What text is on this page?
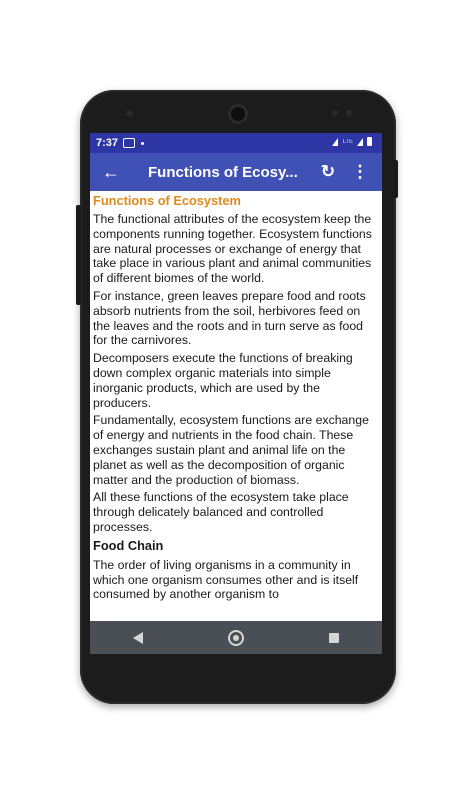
7:37	LTE
← Functions of Ecosy... ↻ ⋮
Functions of Ecosystem

The functional attributes of the ecosystem keep the components running together. Ecosystem functions are natural processes or exchange of energy that take place in various plant and animal communities of different biomes of the world.

For instance, green leaves prepare food and roots absorb nutrients from the soil, herbivores feed on the leaves and the roots and in turn serve as food for the carnivores.

Decomposers execute the functions of breaking down complex organic materials into simple inorganic products, which are used by the producers.

Fundamentally, ecosystem functions are exchange of energy and nutrients in the food chain. These exchanges sustain plant and animal life on the planet as well as the decomposition of organic matter and the production of biomass.

All these functions of the ecosystem take place through delicately balanced and controlled processes.

Food Chain

The order of living organisms in a community in which one organism consumes other and is itself consumed by another organism to
